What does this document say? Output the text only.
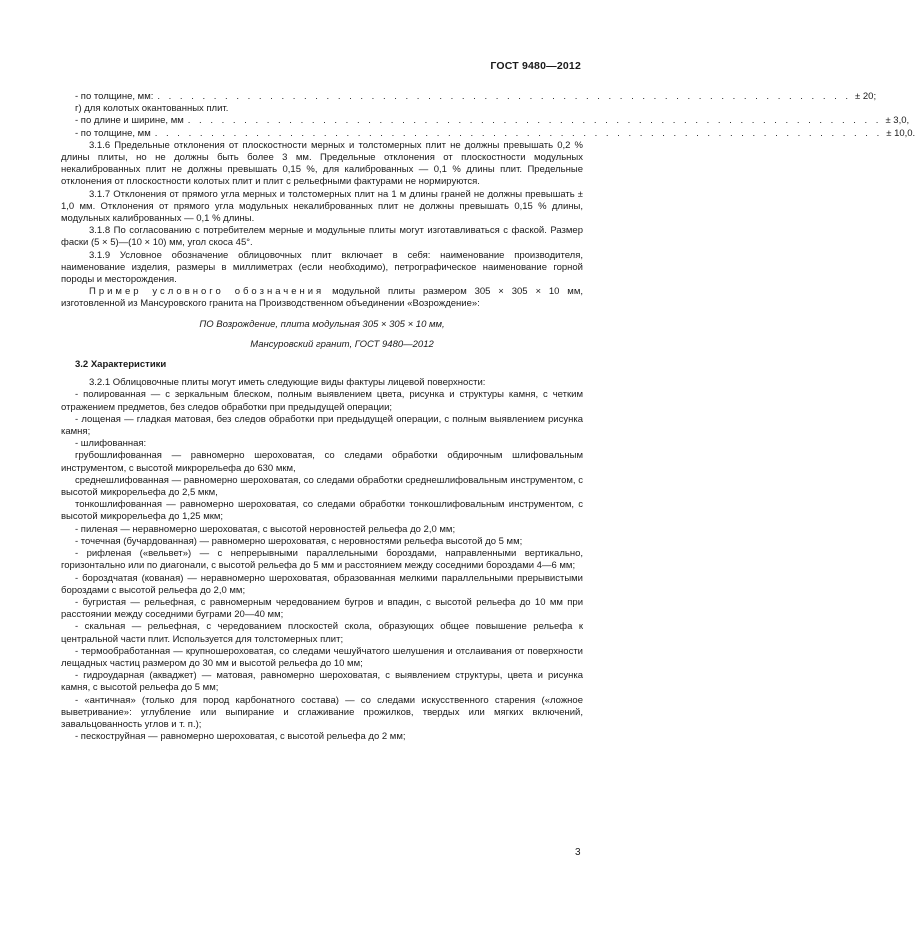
ГОСТ 9480—2012
- по толщине, мм: . . . . . . . . . . . . . . . . . . . . . . . . . . . . . . . . . . . . . . . . . . . . . . . . . . . . . . . . . . . . . . ± 20;
г) для колотых окантованных плит.
- по длине и ширине, мм . . . . . . . . . . . . . . . . . . . . . . . . . . . . . . . . . . . . . . . . . . . . . . . . . . . . . . . . . . . . . . ± 3,0,
- по толщине, мм . . . . . . . . . . . . . . . . . . . . . . . . . . . . . . . . . . . . . . . . . . . . . . . . . . . . . . . . . . . . . . . . . ± 10,0.

3.1.6 Предельные отклонения от плоскостности мерных и толстомерных плит не должны превышать 0,2 % длины плиты, но не должны быть более 3 мм. Предельные отклонения от плоскостности модульных некалиброванных плит не должны превышать 0,15 %, для калиброванных — 0,1 % длины плит. Предельные отклонения от плоскостности колотых плит и плит с рельефными фактурами не нормируются.

3.1.7 Отклонения от прямого угла мерных и толстомерных плит на 1 м длины граней не должны превышать ± 1,0 мм. Отклонения от прямого угла модульных некалиброванных плит не должны превышать 0,15 % длины, модульных калиброванных — 0,1 % длины.

3.1.8 По согласованию с потребителем мерные и модульные плиты могут изготавливаться с фаской. Размер фаски (5 × 5)—(10 × 10) мм, угол скоса 45°.

3.1.9 Условное обозначение облицовочных плит включает в себя: наименование производителя, наименование изделия, размеры в миллиметрах (если необходимо), петрографическое наименование горной породы и месторождения.

Пример условного обозначения модульной плиты размером 305 × 305 × 10 мм, изготовленной из Мансуровского гранита на Производственном объединении «Возрождение»:

ПО Возрождение, плита модульная 305 × 305 × 10 мм,

Мансуровский гранит, ГОСТ 9480—2012

3.2 Характеристики

3.2.1 Облицовочные плиты могут иметь следующие виды фактуры лицевой поверхности:

- полированная — с зеркальным блеском, полным выявлением цвета, рисунка и структуры камня, с четким отражением предметов, без следов обработки при предыдущей операции;

- лощеная — гладкая матовая, без следов обработки при предыдущей операции, с полным выявлением рисунка камня;

- шлифованная:

грубошлифованная — равномерно шероховатая, со следами обработки обдирочным шлифовальным инструментом, с высотой микрорельефа до 630 мкм,

среднешлифованная — равномерно шероховатая, со следами обработки среднешлифовальным инструментом, с высотой микрорельефа до 2,5 мкм,

тонкошлифованная — равномерно шероховатая, со следами обработки тонкошлифовальным инструментом, с высотой микрорельефа до 1,25 мкм;

- пиленая — неравномерно шероховатая, с высотой неровностей рельефа до 2,0 мм;

- точечная (бучардованная) — равномерно шероховатая, с неровностями рельефа высотой до 5 мм;

- рифленая («вельвет») — с непрерывными параллельными бороздами, направленными вертикально, горизонтально или по диагонали, с высотой рельефа до 5 мм и расстоянием между соседними бороздами 4—6 мм;

- бороздчатая (кованая) — неравномерно шероховатая, образованная мелкими параллельными прерывистыми бороздами с высотой рельефа до 2,0 мм;

- бугристая — рельефная, с равномерным чередованием бугров и впадин, с высотой рельефа до 10 мм при расстоянии между соседними буграми 20—40 мм;

- скальная — рельефная, с чередованием плоскостей скола, образующих общее повышение рельефа к центральной части плит. Используется для толстомерных плит;

- термообработанная — крупношероховатая, со следами чешуйчатого шелушения и отслаивания от поверхности лещадных частиц размером до 30 мм и высотой рельефа до 10 мм;

- гидроударная (акваджет) — матовая, равномерно шероховатая, с выявлением структуры, цвета и рисунка камня, с высотой рельефа до 5 мм;

- «античная» (только для пород карбонатного состава) — со следами искусственного старения («ложное выветривание»: углубление или выпирание и сглаживание прожилков, твердых или мягких включений, завальцованность углов и т. п.);

- пескоструйная — равномерно шероховатая, с высотой рельефа до 2 мм;

3
